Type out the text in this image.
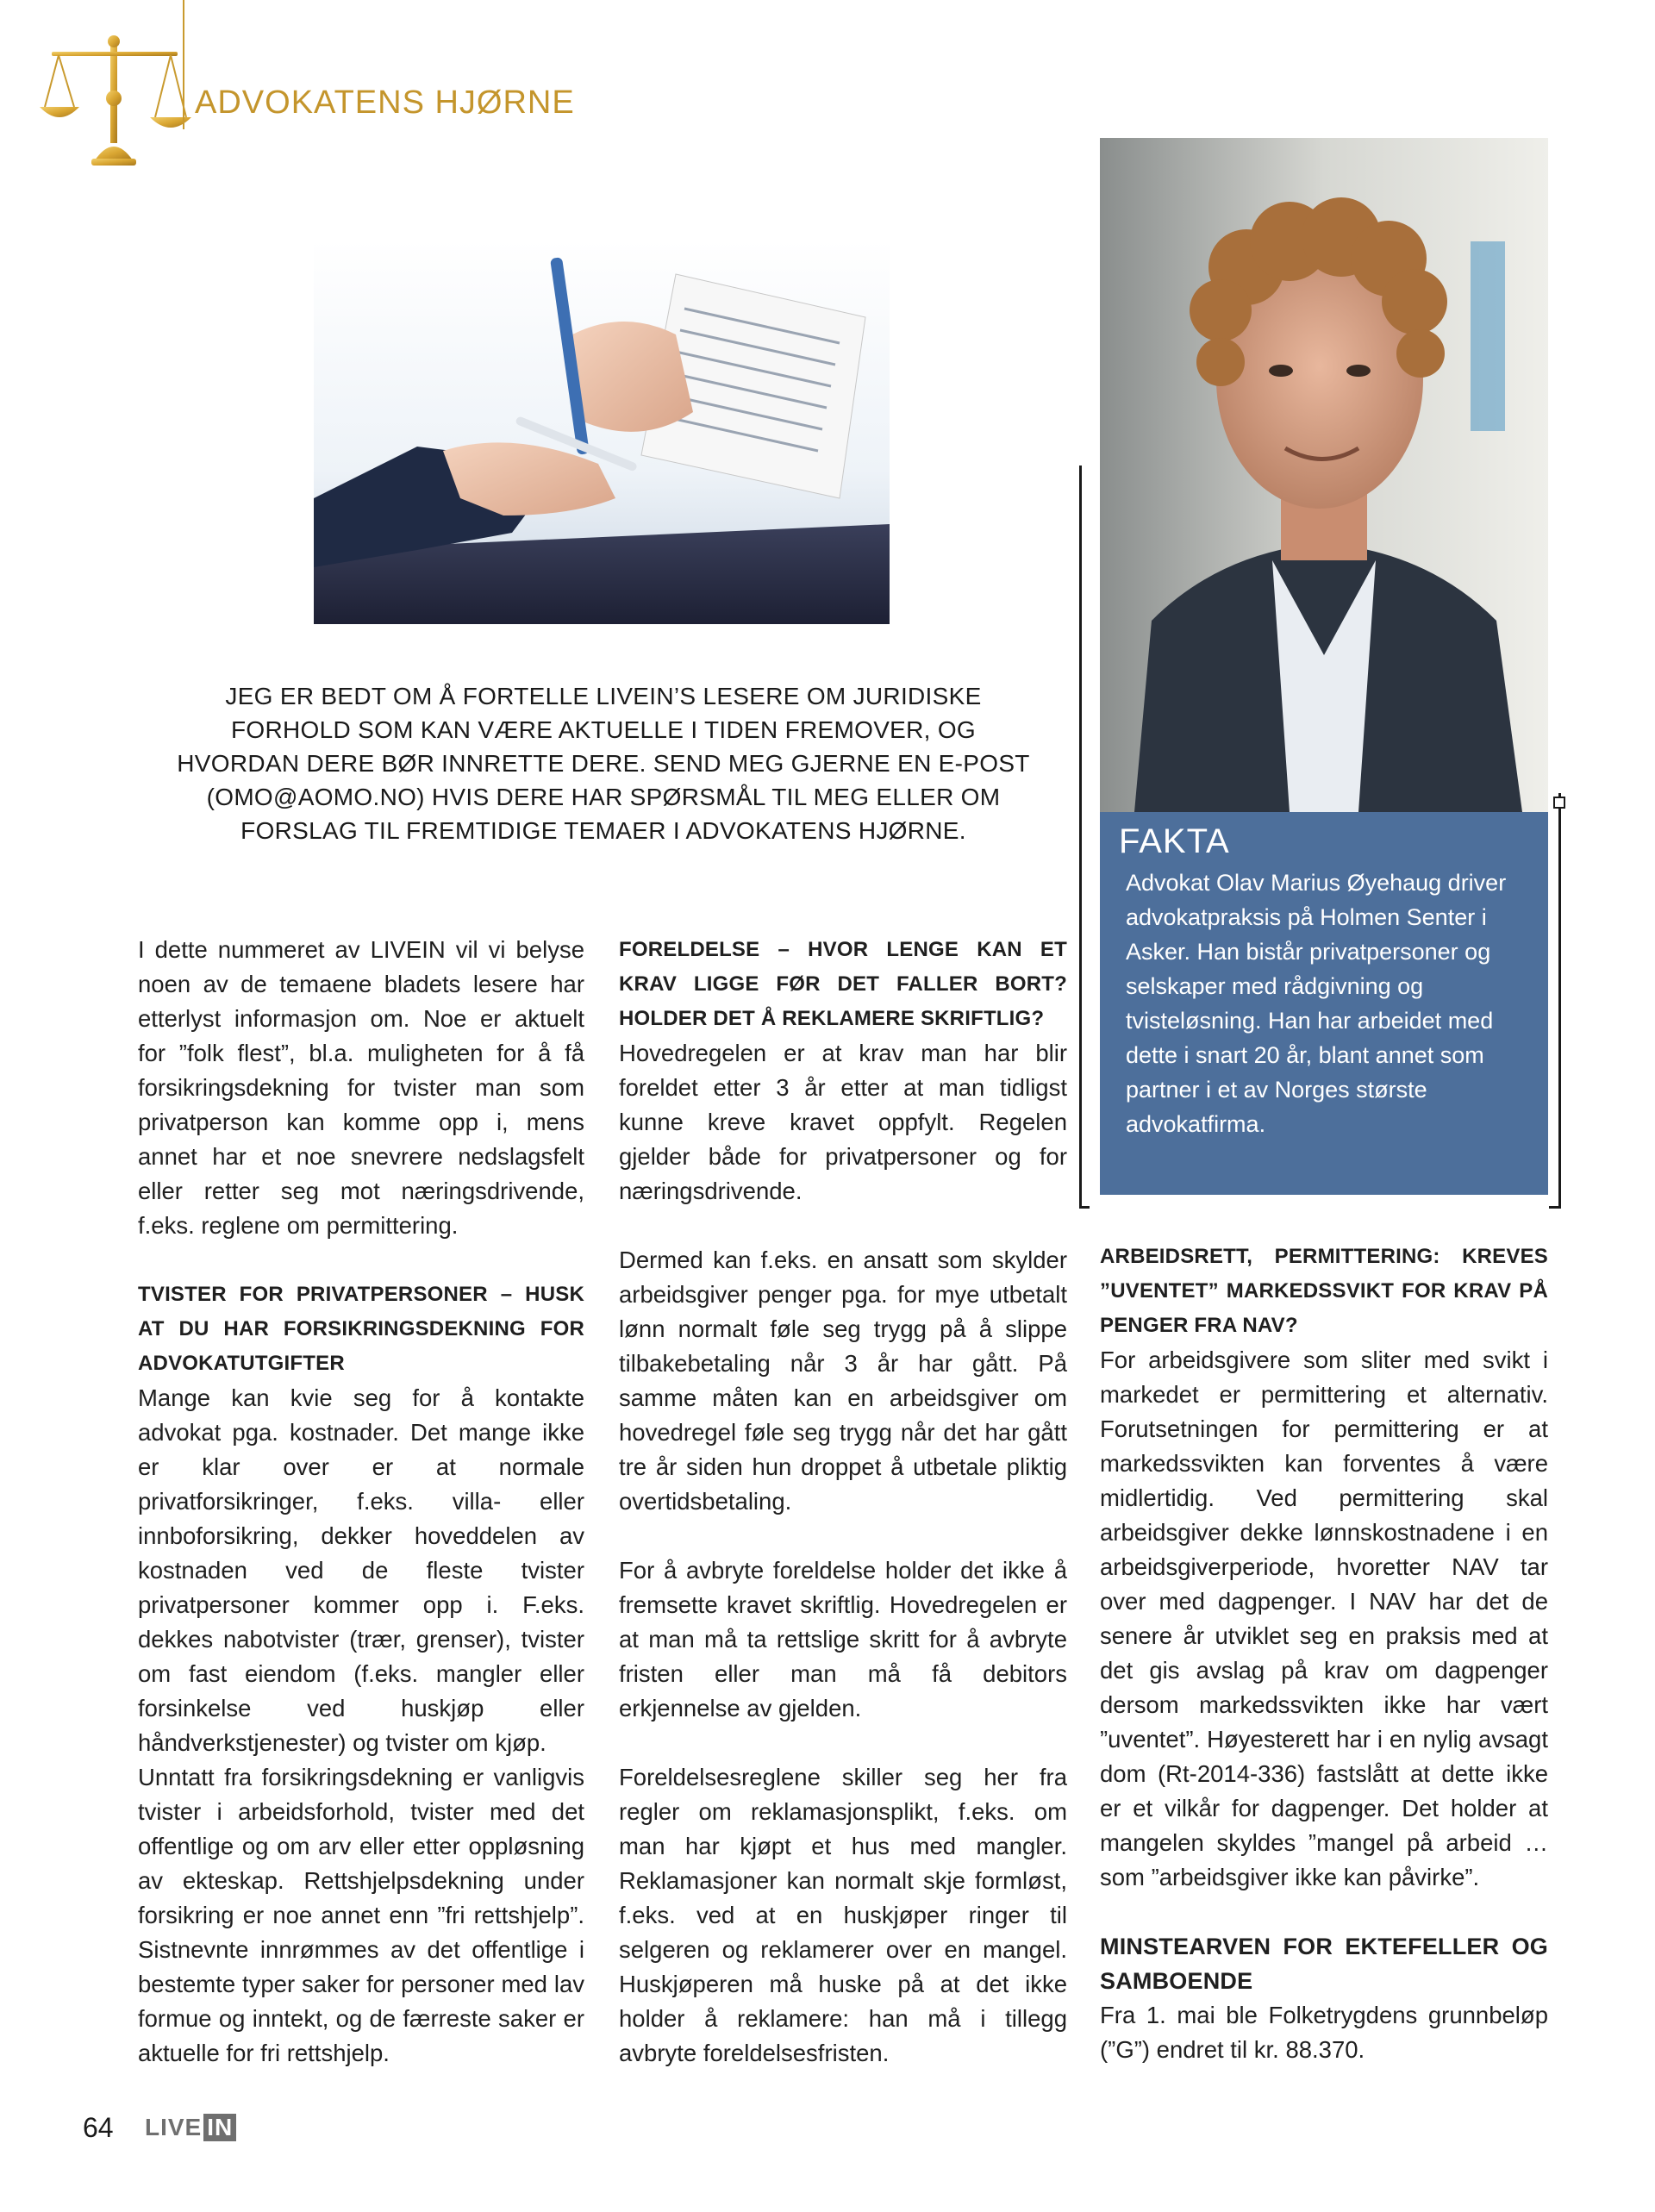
ADVOKATENS HJØRNE
FAKTA
Advokat Olav Marius Øyehaug driver advokatpraksis på Holmen Senter i Asker. Han bistår privatpersoner og selskaper med rådgivning og tvisteløsning. Han har arbeidet med dette i snart 20 år, blant annet som partner i et av Norges største advokatfirma.
JEG ER BEDT OM Å FORTELLE LIVEIN’S LESERE OM JURIDISKE FORHOLD SOM KAN VÆRE AKTUELLE I TIDEN FREMOVER, OG HVORDAN DERE BØR INNRETTE DERE. SEND MEG GJERNE EN E-POST (OMO@AOMO.NO) HVIS DERE HAR SPØRSMÅL TIL MEG ELLER OM FORSLAG TIL FREMTIDIGE TEMAER I ADVOKATENS HJØRNE.

I dette nummeret av LIVEIN vil vi belyse noen av de temaene bladets lesere har etterlyst informasjon om. Noe er aktuelt for ”folk flest”, bl.a. muligheten for å få forsikringsdekning for tvister man som privatperson kan komme opp i, mens annet har et noe snevrere nedslagsfelt eller retter seg mot næringsdrivende, f.eks. reglene om permittering.

TVISTER FOR PRIVATPERSONER – HUSK AT DU HAR FORSIKRINGSDEKNING FOR ADVOKATUTGIFTER

Mange kan kvie seg for å kontakte advokat pga. kostnader. Det mange ikke er klar over er at normale privatforsikringer, f.eks. villa- eller innboforsikring, dekker hoveddelen av kostnaden ved de fleste tvister privatpersoner kommer opp i. F.eks. dekkes nabotvister (trær, grenser), tvister om fast eiendom (f.eks. mangler eller forsinkelse ved huskjøp eller håndverkstjenester) og tvister om kjøp.

Unntatt fra forsikringsdekning er vanligvis tvister i arbeidsforhold, tvister med det offentlige og om arv eller etter oppløsning av ekteskap. Rettshjelpsdekning under forsikring er noe annet enn ”fri rettshjelp”. Sistnevnte innrømmes av det offentlige i bestemte typer saker for personer med lav formue og inntekt, og de færreste saker er aktuelle for fri rettshjelp.

FORELDELSE – HVOR LENGE KAN ET KRAV LIGGE FØR DET FALLER BORT? HOLDER DET Å REKLAMERE SKRIFTLIG?

Hovedregelen er at krav man har blir foreldet etter 3 år etter at man tidligst kunne kreve kravet oppfylt. Regelen gjelder både for privatpersoner og for næringsdrivende.

Dermed kan f.eks. en ansatt som skylder arbeidsgiver penger pga. for mye utbetalt lønn normalt føle seg trygg på å slippe tilbakebetaling når 3 år har gått. På samme måten kan en arbeidsgiver om hovedregel føle seg trygg når det har gått tre år siden hun droppet å utbetale pliktig overtidsbetaling.

For å avbryte foreldelse holder det ikke å fremsette kravet skriftlig. Hovedregelen er at man må ta rettslige skritt for å avbryte fristen eller man må få debitors erkjennelse av gjelden.

Foreldelsesreglene skiller seg her fra regler om reklamasjonsplikt, f.eks. om man har kjøpt et hus med mangler. Reklamasjoner kan normalt skje formløst, f.eks. ved at en huskjøper ringer til selgeren og reklamerer over en mangel. Huskjøperen må huske på at det ikke holder å reklamere: han må i tillegg avbryte foreldelsesfristen.

ARBEIDSRETT, PERMITTERING: KREVES ”UVENTET” MARKEDSSVIKT FOR KRAV PÅ PENGER FRA NAV?

For arbeidsgivere som sliter med svikt i markedet er permittering et alternativ. Forutsetningen for permittering er at markedssvikten kan forventes å være midlertidig. Ved permittering skal arbeidsgiver dekke lønnskostnadene i en arbeidsgiverperiode, hvoretter NAV tar over med dagpenger. I NAV har det de senere år utviklet seg en praksis med at det gis avslag på krav om dagpenger dersom markedssvikten ikke har vært ”uventet”. Høyesterett har i en nylig avsagt dom (Rt-2014-336) fastslått at dette ikke er et vilkår for dagpenger. Det holder at mangelen skyldes ”mangel på arbeid … som ”arbeidsgiver ikke kan påvirke”.

MINSTEARVEN FOR EKTEFELLER OG SAMBOENDE

Fra 1. mai ble Folketrygdens grunnbeløp (”G”) endret til kr. 88.370.

64 LIVE IN
